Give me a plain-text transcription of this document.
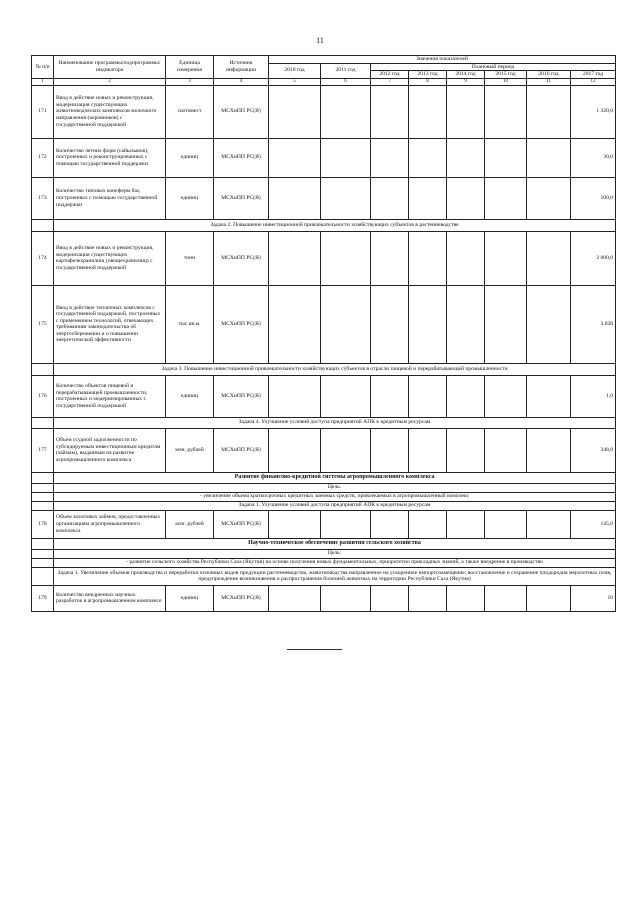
11
№ п/п	Наименование программы/подпрограммы/индикатора	Единица измерения	Источник информации	Значения показателей							
				2010 год	2011 год	Плановый период					
						2012 год	2013 год	2014 год	2015 год	2016 год	2017 год
1	2	3	4	5	6	7	8	9	10	11	12
171	Ввод в действие новых и реконструкция, модернизация существующих животноводческих комплексов молочного направления (коровников) с государственной поддержкой	скотомест	МСХиПП РС(Я)								1 320,0
172	Количество летних форм (сайылыков), построенных и реконструированных с помощью государственной поддержки	единиц	МСХиПП РС(Я)								30,0
173	Количество типовых конеферм баз, построенных с помощью государственной поддержки	единиц	МСХиПП РС(Я)								100,0
	Задача 2. Повышение инвестиционной привлекательности хозяйствующих субъектов в растениеводстве										
174	Ввод в действие новых и реконструкция, модернизация существующих картофелехранилищ (овощехранилищ) с государственной поддержкой	тонн	МСХиПП РС(Я)								2 000,0
175	Ввод в действие тепличных комплексов с государственной поддержкой, построенных с применением технологий, отвечающих требованиям законодательства об энергосбережении и о повышении энергетической эффективности	тыс.кв.м.	МСХиПП РС(Я)								3,828
	Задача 3. Повышение инвестиционной привлекательности хозяйствующих субъектов в отрасли пищевой и перерабатывающей промышленности										
176	Количество объектов пищевой и перерабатывающей промышленности, построенных и модернизированных с государственной поддержкой	единиц	МСХиПП РС(Я)								1,0
	Задача 4. Улучшение условий доступа предприятий АПК к кредитным ресурсам										
177	Объем ссудной задолженности по субсидируемым инвестиционным кредитам (займам), выданным на развитие агропромышленного комплекса	млн. рублей	МСХиПП РС(Я)								348,0
	Развитие финансово-кредитной системы агропромышленного комплекса										
	Цель:										
	- увеличение объема краткосрочных кредитных заемных средств, привлекаемых в агропромышленный комплекс										
	Задача 1. Улучшение условий доступа предприятий АПК к кредитным ресурсам										
178	Объем залоговых займов, предоставленных организациям агропромышленного комплекса	млн. рублей	МСХиПП РС(Я)								145,0
	Научно-техническое обеспечение развития сельского хозяйства										
	Цель:										
	- развитие сельского хозяйства Республики Саха (Якутия) на основе получения новых фундаментальных, приоритетно прикладных знаний, а также внедрение в производство										
	Задача 1. Увеличение объемов производства и переработки основных видов продукции растениеводства, животноводства направленное на ускоренное импортозамещение; восстановление и сохранение плодородия мерзлотных почв, предупреждение возникновения и распространения болезней животных на территории Республики Саха (Якутия)										
179	Количество внедренных научных разработок в агропромышленном комплексе	единиц	МСХиПП РС(Я)								10
